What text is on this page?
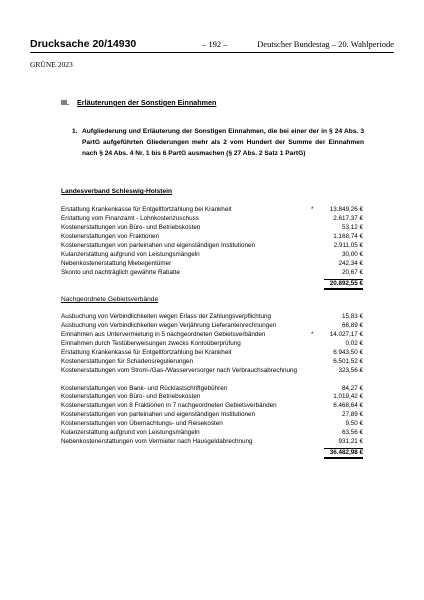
Drucksache 20/14930	– 192 –	Deutscher Bundestag – 20. Wahlperiode
GRÜNE 2023
III. Erläuterungen der Sonstigen Einnahmen
1. Aufgliederung und Erläuterung der Sonstigen Einnahmen, die bei einer der in § 24 Abs. 3 PartG aufgeführten Gliederungen mehr als 2 vom Hundert der Summe der Einnahmen nach § 24 Abs. 4 Nr. 1 bis 6 PartG ausmachen (§ 27 Abs. 2 Satz 1 PartG)
Landesverband Schleswig-Holstein
Erstattung Krankenkasse für Entgeltfortzahlung bei Krankheit	*	13.849,26 €
Erstattung vom Finanzamt - Lohnkostenzuschuss	2.617,37 €
Kostenerstattungen von Büro- und Betriebskosten	53,12 €
Kostenerstattungen von Fraktionen	1.168,74 €
Kostenerstattungen von parteinahen und eigenständigen Institutionen	2.911,05 €
Kulanzerstattung aufgrund von Leistungsmängeln	30,00 €
Nebenkostenerstattung Mieteigentümer	242,34 €
Skonto und nachträglich gewährte Rabatte	20,67 €
20.892,55 €
Nachgeordnete Gebietsverbände
Ausbuchung von Verbindlichkeiten wegen Erlass der Zahlungsverpflichtung	15,83 €
Ausbuchung von Verbindlichkeiten wegen Verjährung Lieferantenrechnungen	66,89 €
Einnahmen aus Untervermietung in 5 nachgeordneten Gebietsverbänden	*	14.027,17 €
Einnahmen durch Testüberweisungen zwecks Kontoüberprüfung	0,02 €
Erstattung Krankenkasse für Entgeltfortzahlung bei Krankheit	6.943,50 €
Kostenerstattungen für Schadensregulierungen	6.501,52 €
Kostenerstattungen vom Strom-/Gas-/Wasserversorger nach Verbrauchsabrechnung	323,56 €
Kostenerstattungen von Bank- und Rücklastschriftgebühren	84,27 €
Kostenerstattungen von Büro- und Betriebskosten	1.019,42 €
Kostenerstattungen von 8 Fraktionen in 7 nachgeordneten Gebietsverbänden	6.468,64 €
Kostenerstattungen von parteinahen und eigenständigen Institutionen	27,89 €
Kostenerstattungen von Übernachtungs- und Reisekosten	9,50 €
Kulanzerstattung aufgrund von Leistungsmängeln	63,56 €
Nebenkostenerstattungen vom Vermieter nach Hausgeldabrechnung	931,21 €
36.482,98 €
